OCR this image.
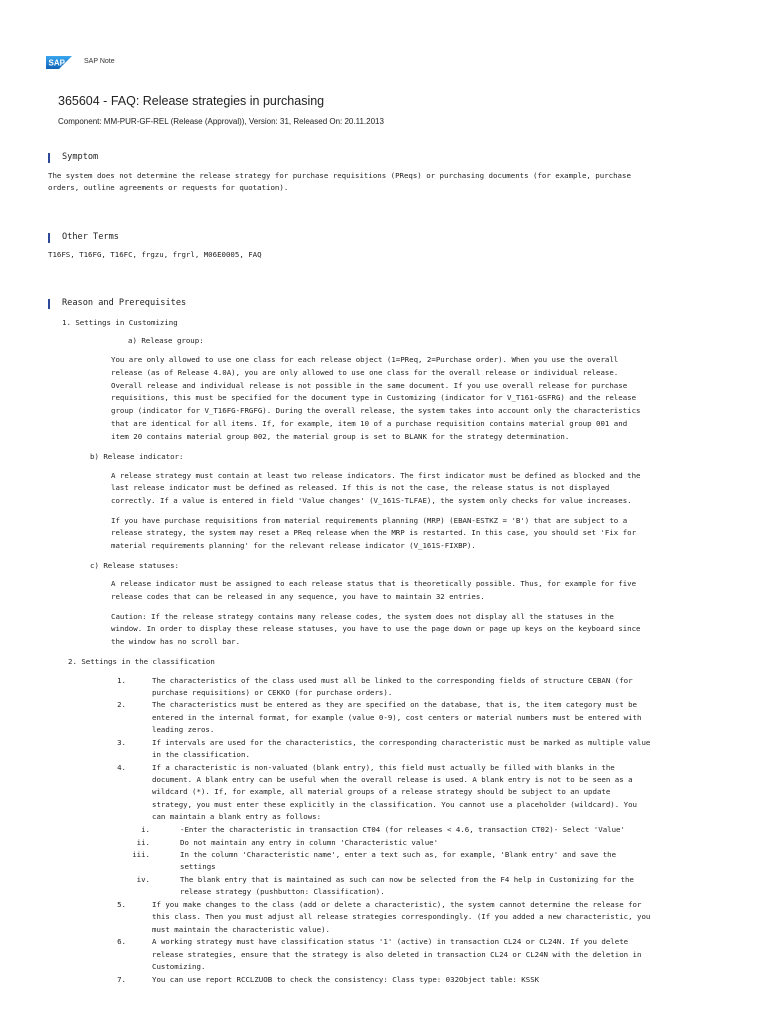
SAP	SAP Note
365604 - FAQ: Release strategies in purchasing
Component: MM-PUR-GF-REL (Release (Approval)), Version: 31, Released On: 20.11.2013
Symptom
The system does not determine the release strategy for purchase requisitions (PReqs) or purchasing documents (for example, purchase
orders, outline agreements or requests for quotation).
Other Terms
T16FS, T16FG, T16FC, frgzu, frgrl, M06E0005, FAQ
Reason and Prerequisites
1. Settings in Customizing
a) Release group:
You are only allowed to use one class for each release object (1=PReq, 2=Purchase order). When you use the overall
release (as of Release 4.0A), you are only allowed to use one class for the overall release or individual release.
Overall release and individual release is not possible in the same document. If you use overall release for purchase
requisitions, this must be specified for the document type in Customizing (indicator for V_T161-GSFRG) and the release
group (indicator for V_T16FG-FRGFG). During the overall release, the system takes into account only the characteristics
that are identical for all items. If, for example, item 10 of a purchase requisition contains material group 001 and
item 20 contains material group 002, the material group is set to BLANK for the strategy determination.
b) Release indicator:
A release strategy must contain at least two release indicators. The first indicator must be defined as blocked and the
last release indicator must be defined as released. If this is not the case, the release status is not displayed
correctly. If a value is entered in field 'Value changes' (V_161S-TLFAE), the system only checks for value increases.
If you have purchase requisitions from material requirements planning (MRP) (EBAN-ESTKZ = 'B') that are subject to a
release strategy, the system may reset a PReq release when the MRP is restarted. In this case, you should set 'Fix for
material requirements planning' for the relevant release indicator (V_161S-FIXBP).
c) Release statuses:
A release indicator must be assigned to each release status that is theoretically possible. Thus, for example for five
release codes that can be released in any sequence, you have to maintain 32 entries.
Caution: If the release strategy contains many release codes, the system does not display all the statuses in the
window. In order to display these release statuses, you have to use the page down or page up keys on the keyboard since
the window has no scroll bar.
2. Settings in the classification
1.	The characteristics of the class used must all be linked to the corresponding fields of structure CEBAN (for
purchase requisitions) or CEKKO (for purchase orders).
2.	The characteristics must be entered as they are specified on the database, that is, the item category must be
entered in the internal format, for example (value 0-9), cost centers or material numbers must be entered with
leading zeros.
3.	If intervals are used for the characteristics, the corresponding characteristic must be marked as multiple value
in the classification.
4.	If a characteristic is non-valuated (blank entry), this field must actually be filled with blanks in the
document. A blank entry can be useful when the overall release is used. A blank entry is not to be seen as a
wildcard (*). If, for example, all material groups of a release strategy should be subject to an update
strategy, you must enter these explicitly in the classification. You cannot use a placeholder (wildcard). You
can maintain a blank entry as follows:
i.	-Enter the characteristic in transaction CT04 (for releases < 4.6, transaction CT02)- Select 'Value'
ii.	Do not maintain any entry in column 'Characteristic value'
iii.	In the column 'Characteristic name', enter a text such as, for example, 'Blank entry' and save the
settings
iv.	The blank entry that is maintained as such can now be selected from the F4 help in Customizing for the
release strategy (pushbutton: Classification).
5.	If you make changes to the class (add or delete a characteristic), the system cannot determine the release for
this class. Then you must adjust all release strategies correspondingly. (If you added a new characteristic, you
must maintain the characteristic value).
6.	A working strategy must have classification status '1' (active) in transaction CL24 or CL24N. If you delete
release strategies, ensure that the strategy is also deleted in transaction CL24 or CL24N with the deletion in
Customizing.
7.	You can use report RCCLZUOB to check the consistency: Class type: 032Object table: KSSK
